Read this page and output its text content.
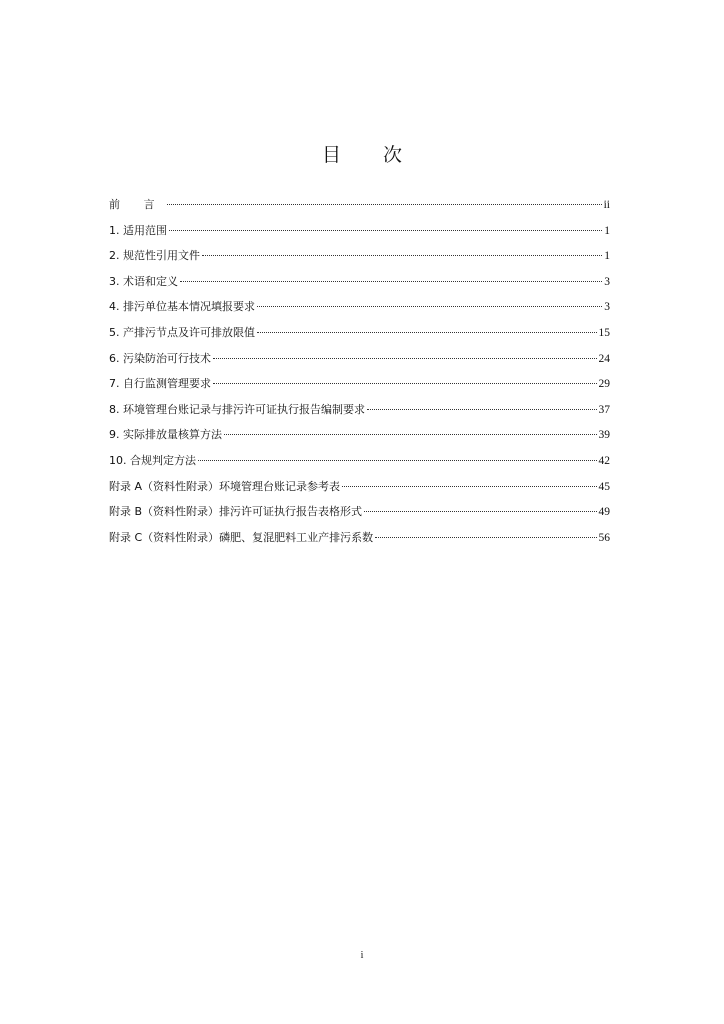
目 次
前 言	ii
1. 适用范围	1
2. 规范性引用文件	1
3. 术语和定义	3
4. 排污单位基本情况填报要求	3
5. 产排污节点及许可排放限值	15
6. 污染防治可行技术	24
7. 自行监测管理要求	29
8. 环境管理台账记录与排污许可证执行报告编制要求	37
9. 实际排放量核算方法	39
10. 合规判定方法	42
附录 A（资料性附录）环境管理台账记录参考表	45
附录 B（资料性附录）排污许可证执行报告表格形式	49
附录 C（资料性附录）磷肥、复混肥料工业产排污系数	56
i
